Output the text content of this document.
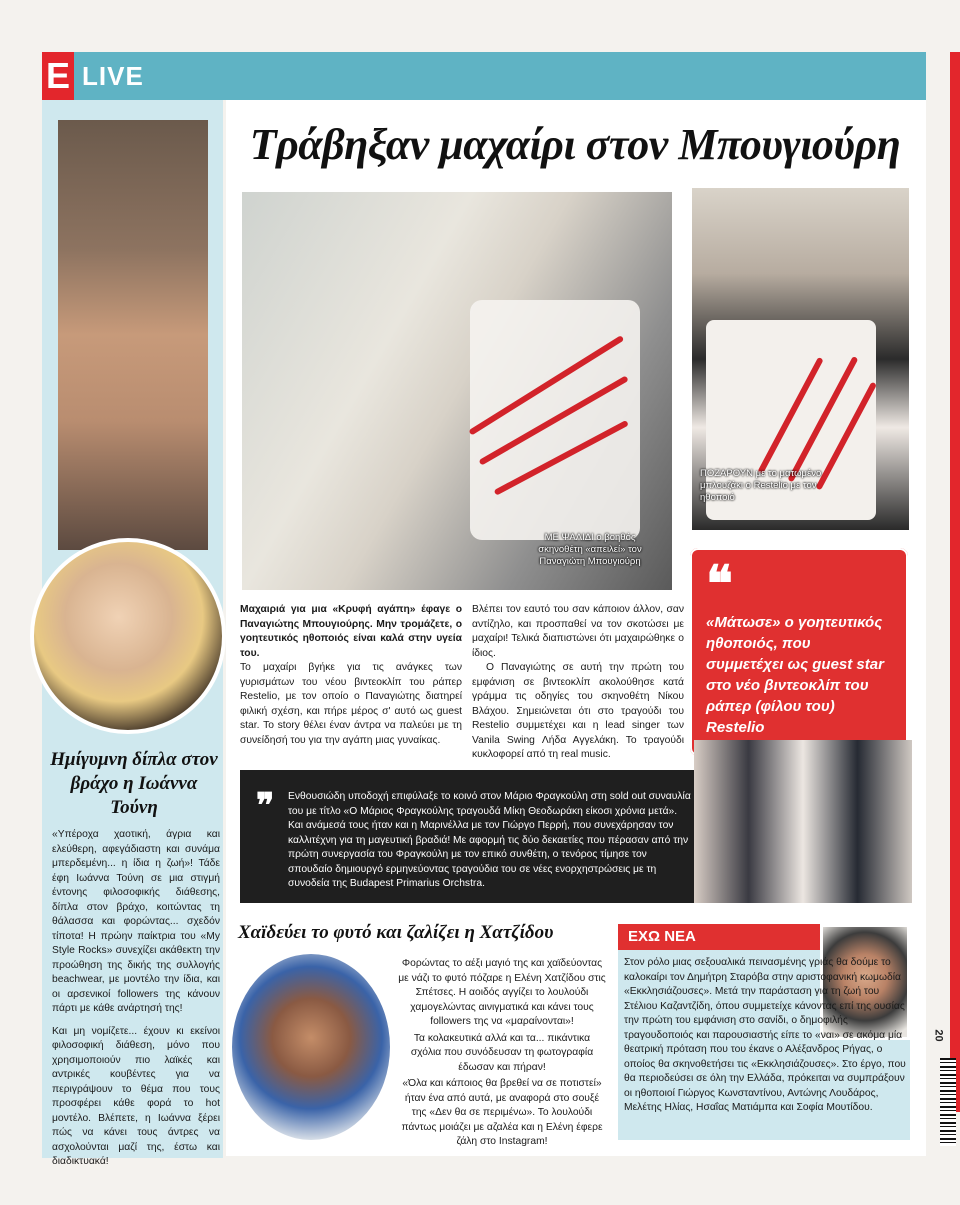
E LIVE
Ημίγυμνη δίπλα στον βράχο η Ιωάννα Τούνη

«Υπέροχα χαοτική, άγρια και ελεύθερη, αφεγάδιαστη και συνάμα μπερδεμένη... η ίδια η ζωή»! Τάδε έφη Ιωάννα Τούνη σε μια στιγμή έντονης φιλοσοφικής διάθεσης, δίπλα στον βράχο, κοιτώντας τη θάλασσα και φορώντας... σχεδόν τίποτα! Η πρώην παίκτρια του «My Style Rocks» συνεχίζει ακάθεκτη την προώθηση της δικής της συλλογής beachwear, με μοντέλο την ίδια, και οι αρσενικοί followers της κάνουν πάρτι με κάθε ανάρτησή της!

Και μη νομίζετε... έχουν κι εκείνοι φιλοσοφική διάθεση, μόνο που χρησιμοποιούν πιο λαϊκές και αντρικές κουβέντες για να περιγράψουν το θέμα που τους προσφέρει κάθε φορά το hot μοντέλο. Βλέπετε, η Ιωάννα ξέρει πώς να κάνει τους άντρες να ασχολούνται μαζί της, έστω και διαδικτυακά!

Τράβηξαν μαχαίρι στον Μπουγιούρη
ΜΕ ΨΑΛΙΔΙ ο βοηθός σκηνοθέτη «απειλεί» τον Παναγιώτη Μπουγιούρη
ΠΟΖΑΡΟΥΝ με το ματωμένο μπλουζάκι ο Restelio με τον ηθοποιό

Μαχαιριά για μια «Κρυφή αγάπη» έφαγε ο Παναγιώτης Μπουγιούρης. Μην τρομάζετε, ο γοητευτικός ηθοποιός είναι καλά στην υγεία του.

Το μαχαίρι βγήκε για τις ανάγκες των γυρισμάτων του νέου βιντεοκλίπ του ράπερ Restelio, με τον οποίο ο Παναγιώτης διατηρεί φιλική σχέση, και πήρε μέρος σ' αυτό ως guest star. Το story θέλει έναν άντρα να παλεύει με τη συνείδησή του για την αγάπη μιας γυναίκας.

Βλέπει τον εαυτό του σαν κάποιον άλλον, σαν αντίζηλο, και προσπαθεί να τον σκοτώσει με μαχαίρι! Τελικά διαπιστώνει ότι μαχαιρώθηκε ο ίδιος.

Ο Παναγιώτης σε αυτή την πρώτη του εμφάνιση σε βιντεοκλίπ ακολούθησε κατά γράμμα τις οδηγίες του σκηνοθέτη Νίκου Βλάχου. Σημειώνεται ότι στο τραγούδι του Restelio συμμετέχει και η lead singer των Vanila Swing Λήδα Αγγελάκη. Το τραγούδι κυκλοφορεί από τη real music.

❝
«Μάτωσε» ο γοητευτικός ηθοποιός, που συμμετέχει ως guest star στο νέο βιντεοκλίπ του ράπερ (φίλου του) Restelio
❞ Ενθουσιώδη υποδοχή επιφύλαξε το κοινό στον Μάριο Φραγκούλη στη sold out συναυλία του με τίτλο «Ο Μάριος Φραγκούλης τραγουδά Μίκη Θεοδωράκη είκοσι χρόνια μετά». Και ανάμεσά τους ήταν και η Μαρινέλλα με τον Γιώργο Περρή, που συνεχάρησαν τον καλλιτέχνη για τη μαγευτική βραδιά! Με αφορμή τις δύο δεκαετίες που πέρασαν από την πρώτη συνεργασία του Φραγκούλη με τον επικό συνθέτη, ο τενόρος τίμησε τον σπουδαίο δημιουργό ερμηνεύοντας τραγούδια του σε νέες ενορχηστρώσεις με τη συνοδεία της Budapest Primarius Orchstra.
Χαϊδεύει το φυτό και ζαλίζει η Χατζίδου

Φορώντας το αέξι μαγιό της και χαϊδεύοντας με νάζι το φυτό πόζαρε η Ελένη Χατζίδου στις Σπέτσες. Η αοιδός αγγίζει το λουλούδι χαμογελώντας αινιγματικά και κάνει τους followers της να «μαραίνονται»!

Τα κολακευτικά αλλά και τα... πικάντικα σχόλια που συνόδευσαν τη φωτογραφία έδωσαν και πήραν!

«Όλα και κάποιος θα βρεθεί να σε ποτιστεί» ήταν ένα από αυτά, με αναφορά στο σουξέ της «Δεν θα σε περιμένω». Το λουλούδι πάντως μοιάζει με αζαλέα και η Ελένη έφερε ζάλη στο Instagram!

ΕΧΩ ΝΕΑ
Στον ρόλο μιας σεξουαλικά πεινασμένης γριάς θα δούμε το καλοκαίρι τον Δημήτρη Σταρόβα στην αριστοφανική κωμωδία «Εκκλησιάζουσες». Μετά την παράσταση για τη ζωή του Στέλιου Καζαντζίδη, όπου συμμετείχε κάνοντας επί της ουσίας την πρώτη του εμφάνιση στο σανίδι, ο δημοφιλής τραγουδοποιός και παρουσιαστής είπε το «ναι» σε ακόμα μία θεατρική πρόταση που του έκανε ο Αλέξανδρος Ρήγας, ο οποίος θα σκηνοθετήσει τις «Εκκλησιάζουσες». Στο έργο, που θα περιοδεύσει σε όλη την Ελλάδα, πρόκειται να συμπράξουν οι ηθοποιοί Γιώργος Κωνσταντίνου, Αντώνης Λουδάρος, Μελέτης Ηλίας, Ησαΐας Ματιάμπα και Σοφία Μουτίδου.
20
